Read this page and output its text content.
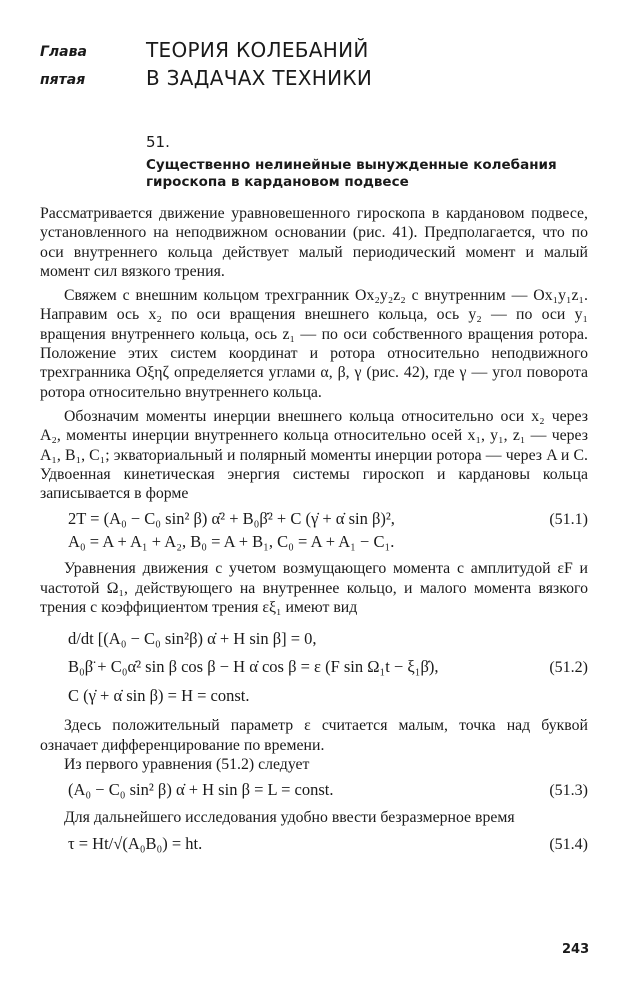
Глава
пятая
ТЕОРИЯ КОЛЕБАНИЙ
В ЗАДАЧАХ ТЕХНИКИ
51.
Существенно нелинейные вынужденные колебания гироскопа в кардановом подвесе

Рассматривается движение уравновешенного гироскопа в кардановом подвесе, установленного на неподвижном основании (рис. 41). Предполагается, что по оси внутреннего кольца действует малый периодический момент и малый момент сил вязкого трения.

Свяжем с внешним кольцом трехгранник Ox₂y₂z₂ с внутренним — Ox₁y₁z₁. Направим ось x₂ по оси вращения внешнего кольца, ось y₂ — по оси y₁ вращения внутреннего кольца, ось z₁ — по оси собственного вращения ротора. Положение этих систем координат и ротора относительно неподвижного трехгранника Oξηζ определяется углами α, β, γ (рис. 42), где γ — угол поворота ротора относительно внутреннего кольца.

Обозначим моменты инерции внешнего кольца относительно оси x₂ через A₂, моменты инерции внутреннего кольца относительно осей x₁, y₁, z₁ — через A₁, B₁, C₁; экваториальный и полярный моменты инерции ротора — через A и C. Удвоенная кинетическая энергия системы гироскоп и кардановы кольца записывается в форме

2T = (A₀ − C₀ sin² β) α̇² + B₀β̇² + C (γ̇ + α̇ sin β)²,	(51.1)
A₀ = A + A₁ + A₂, B₀ = A + B₁, C₀ = A + A₁ − C₁.

Уравнения движения с учетом возмущающего момента с амплитудой εF и частотой Ω₁, действующего на внутреннее кольцо, и малого момента вязкого трения с коэффициентом трения εξ₁ имеют вид

d/dt [(A₀ − C₀ sin²β) α̇ + H sin β] = 0,
B₀β̈ + C₀α̇² sin β cos β − H α̇ cos β = ε (F sin Ω₁t − ξ₁β̇),	(51.2)
C (γ̇ + α̇ sin β) = H = const.

Здесь положительный параметр ε считается малым, точка над буквой означает дифференцирование по времени.

Из первого уравнения (51.2) следует

(A₀ − C₀ sin² β) α̇ + H sin β = L = const.	(51.3)

Для дальнейшего исследования удобно ввести безразмерное время

τ = Ht/√(A₀B₀) = ht.	(51.4)
243
